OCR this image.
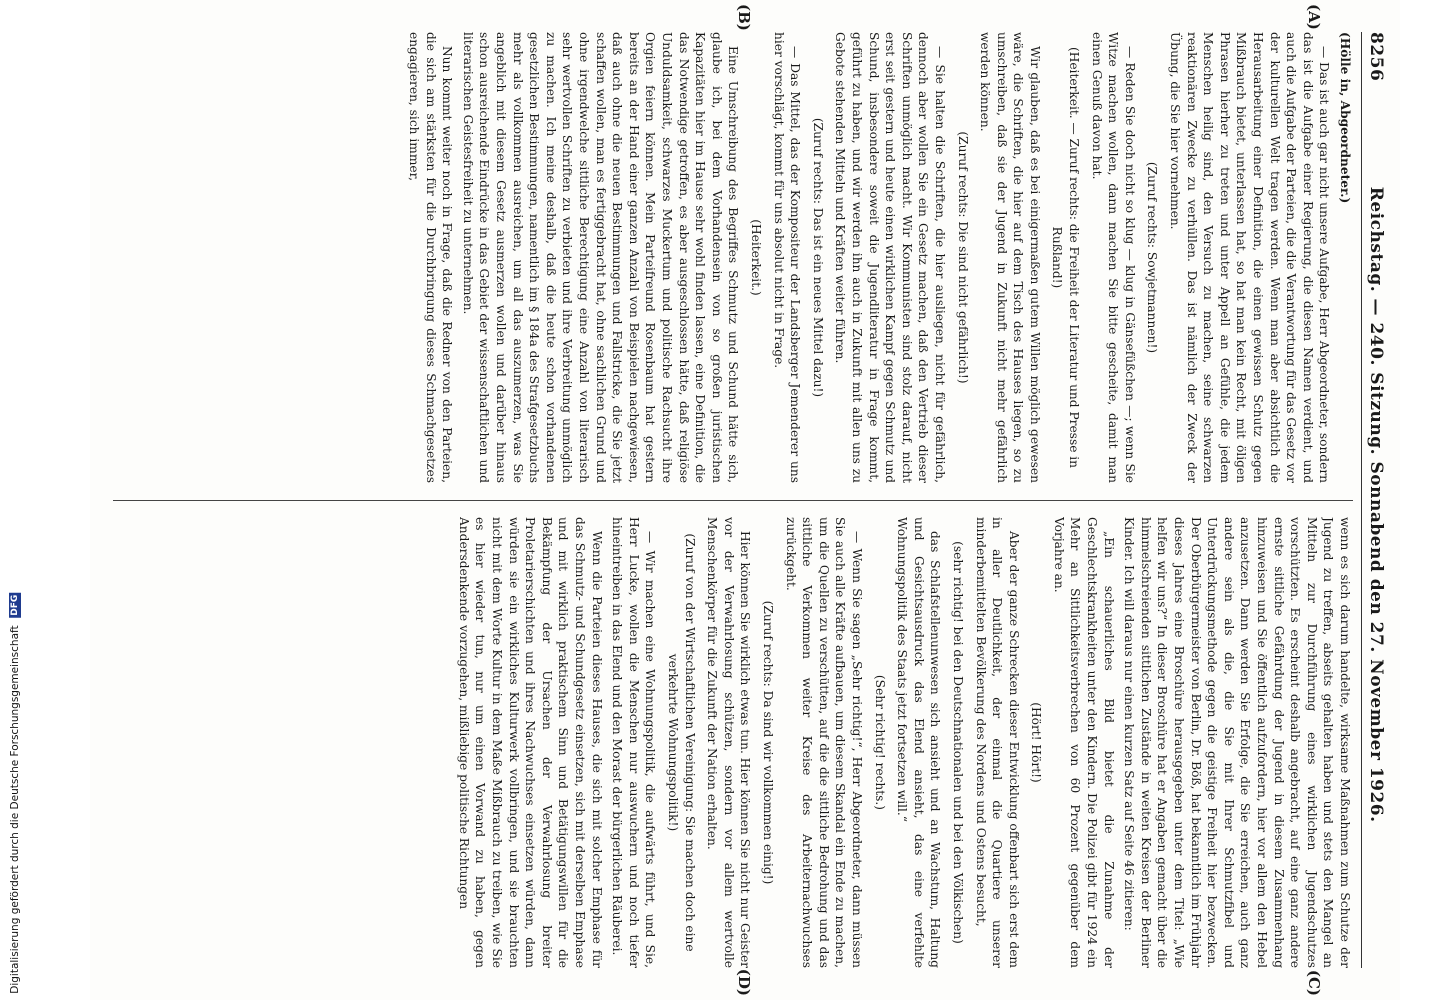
Digitalisierung gefördert durch die Deutsche Forschungsgemeinschaft DFG
8256
Reichstag. — 240. Sitzung. Sonnabend den 27. November 1926.
(A)
(B)
(C)
(D)

(Hölle in, Abgeordneter.)

— Das ist auch gar nicht unsere Aufgabe, Herr Abgeordneter, sondern das ist die Aufgabe einer Regierung, die diesen Namen verdient, und auch die Aufgabe der Parteien, die die Verantwortung für das Gesetz vor der kulturellen Welt tragen werden. Wenn man aber absichtlich die Herausarbeitung einer Definition, die einen gewissen Schutz gegen Mißbrauch bietet, unterlassen hat, so hat man kein Recht, mit öligen Phrasen hierher zu treten und unter Appell an Gefühle, die jedem Menschen heilig sind, den Versuch zu machen, seine schwarzen reaktionären Zwecke zu verhüllen. Das ist nämlich der Zweck der Übung, die Sie hier vornehmen.

(Zuruf rechts: Sowjetmannen!)

— Reden Sie doch nicht so klug — klug in Gänsefüßchen —; wenn Sie Witze machen wollen, dann machen Sie bitte gescheite, damit man einen Genuß davon hat.

(Heiterkeit. — Zuruf rechts: die Freiheit der Literatur und Presse in Rußland!)

Wir glauben, daß es bei einigermaßen gutem Willen möglich gewesen wäre, die Schriften, die hier auf dem Tisch des Hauses liegen, so zu umschreiben, daß sie der Jugend in Zukunft nicht mehr gefährlich werden können.

(Zuruf rechts: Die sind nicht gefährlich!)

— Sie halten die Schriften, die hier ausliegen, nicht für gefährlich, dennoch aber wollen Sie ein Gesetz machen, daß den Vertrieb dieser Schriften unmöglich macht. Wir Kommunisten sind stolz darauf, nicht erst seit gestern und heute einen wirklichen Kampf gegen Schmutz und Schund, insbesondere soweit die Jugendliteratur in Frage kommt, geführt zu haben, und wir werden ihn auch in Zukunft mit allen uns zu Gebote stehenden Mitteln und Kräften weiter führen.

(Zuruf rechts: Das ist ein neues Mittel dazu!)

— Das Mittel, das der Kompositeur der Landsberger Jemenderer uns hier vorschlägt, kommt für uns absolut nicht in Frage.

(Heiterkeit.)

Eine Umschreibung des Begriffes Schmutz und Schund hätte sich, glaube ich, bei dem Vorhandensein von so großen juristischen Kapazitäten hier im Hause sehr wohl finden lassen, eine Definition, die das Notwendige getroffen, es aber ausgeschlossen hätte, daß religiöse Unduldsamkeit, schwarzes Muckertum und politische Rachsucht ihre Orgien feiern können. Mein Parteifreund Rosenbaum hat gestern bereits an der Hand einer ganzen Anzahl von Beispielen nachgewiesen, daß auch ohne die neuen Bestimmungen und Fallstricke, die Sie jetzt schaffen wollen, man es fertiggebracht hat, ohne sachlichen Grund und ohne irgendwelche sittliche Berechtigung eine Anzahl von literarisch sehr wertvollen Schriften zu verbieten und ihre Verbreitung unmöglich zu machen. Ich meine deshalb, daß die heute schon vorhandenen gesetzlichen Bestimmungen, namentlich im § 184a des Strafgesetzbuchs mehr als vollkommen ausreichen, um all das auszumerzen, was Sie angeblich mit diesem Gesetz ausmerzen wollen und darüber hinaus schon ausreichende Eindrücke in das Gebiet der wissenschaftlichen und literarischen Geistesfreiheit zu unternehmen.

Nun kommt weiter noch in Frage, daß die Redner von den Parteien, die sich am stärksten für die Durchbringung dieses Schmachgesetzes engagieren, sich immer,

wenn es sich darum handelte, wirksame Maßnahmen zum Schutze der Jugend zu treffen, abseits gehalten haben und stets den Mangel an Mitteln zur Durchführung eines wirklichen Jugendschutzes vorschützten. Es erscheint deshalb angebracht, auf eine ganz andere ernste sittliche Gefährdung der Jugend in diesem Zusammenhang hinzuweisen und Sie öffentlich aufzufordern, hier vor allem den Hebel anzusetzen. Dann werden Sie Erfolge, die Sie erreichen, auch ganz andere sein als die, die Sie mit Ihrer Schmutzfibel und Unterdrückungsmethode gegen die geistige Freiheit hier bezwecken. Der Oberbürgermeister von Berlin, Dr. Böß, hat bekanntlich im Frühjahr dieses Jahres eine Broschüre herausgegeben unter dem Titel: „Wie helfen wir uns?“ In dieser Broschüre hat er Angaben gemacht über die himmelschreienden sittlichen Zustände in weiten Kreisen der Berliner Kinder. Ich will daraus nur einen kurzen Satz auf Seite 46 zitieren:

„Ein schauerliches Bild bietet die Zunahme der Geschlechtskrankheiten unter den Kindern. Die Polizei gibt für 1924 ein Mehr an Sittlichkeitsverbrechen von 60 Prozent gegenüber dem Vorjahre an.

(Hört! Hört!)

Aber der ganze Schrecken dieser Entwicklung offenbart sich erst dem in aller Deutlichkeit, der einmal die Quartiere unserer minderbemittelten Bevölkerung des Nordens und Ostens besucht,

(sehr richtig! bei den Deutschnationalen und bei den Völkischen)

das Schlafstellenunwesen sich ansieht und an Wachstum, Haltung und Gesichtsausdruck das Elend ansieht, das eine verfehlte Wohnungspolitik des Staats jetzt fortsetzen will.“

(Sehr richtig! rechts.)

— Wenn Sie sagen „Sehr richtig!“, Herr Abgeordneter, dann müssen Sie auch alle Kräfte aufbauen, um diesem Skandal ein Ende zu machen, um die Quellen zu verschütten, auf die die sittliche Bedrohung und das sittliche Verkommen weiter Kreise des Arbeiternachwuchses zurückgeht.

(Zuruf rechts: Da sind wir vollkommen einig!)

Hier können Sie wirklich etwas tun. Hier können Sie nicht nur Geister vor der Verwahrlosung schützen, sondern vor allem wertvolle Menschenkörper für die Zukunft der Nation erhalten.

(Zuruf von der Wirtschaftlichen Vereinigung: Sie machen doch eine verkehrte Wohnungspolitik!)

— Wir machen eine Wohnungspolitik, die aufwärts führt, und Sie, Herr Lucke, wollen die Menschen nur auswuchern und noch tiefer hineintreiben in das Elend und den Morast der bürgerlichen Räuberei.

Wenn die Parteien dieses Hauses, die sich mit solcher Emphase für das Schmutz- und Schundgesetz einsetzen, sich mit derselben Emphase und mit wirklich praktischem Sinn und Betätigungswillen für die Bekämpfung der Ursachen der Verwahrlosung breiter Proletarierschichten und ihres Nachwuchses einsetzen würden, dann würden sie ein wirkliches Kulturwerk vollbringen, und sie brauchten nicht mit dem Worte Kultur in dem Maße Mißbrauch zu treiben, wie Sie es hier wieder tun, nur um einen Vorwand zu haben, gegen Andersdenkende vorzugehen, mißliebige politische Richtungen
